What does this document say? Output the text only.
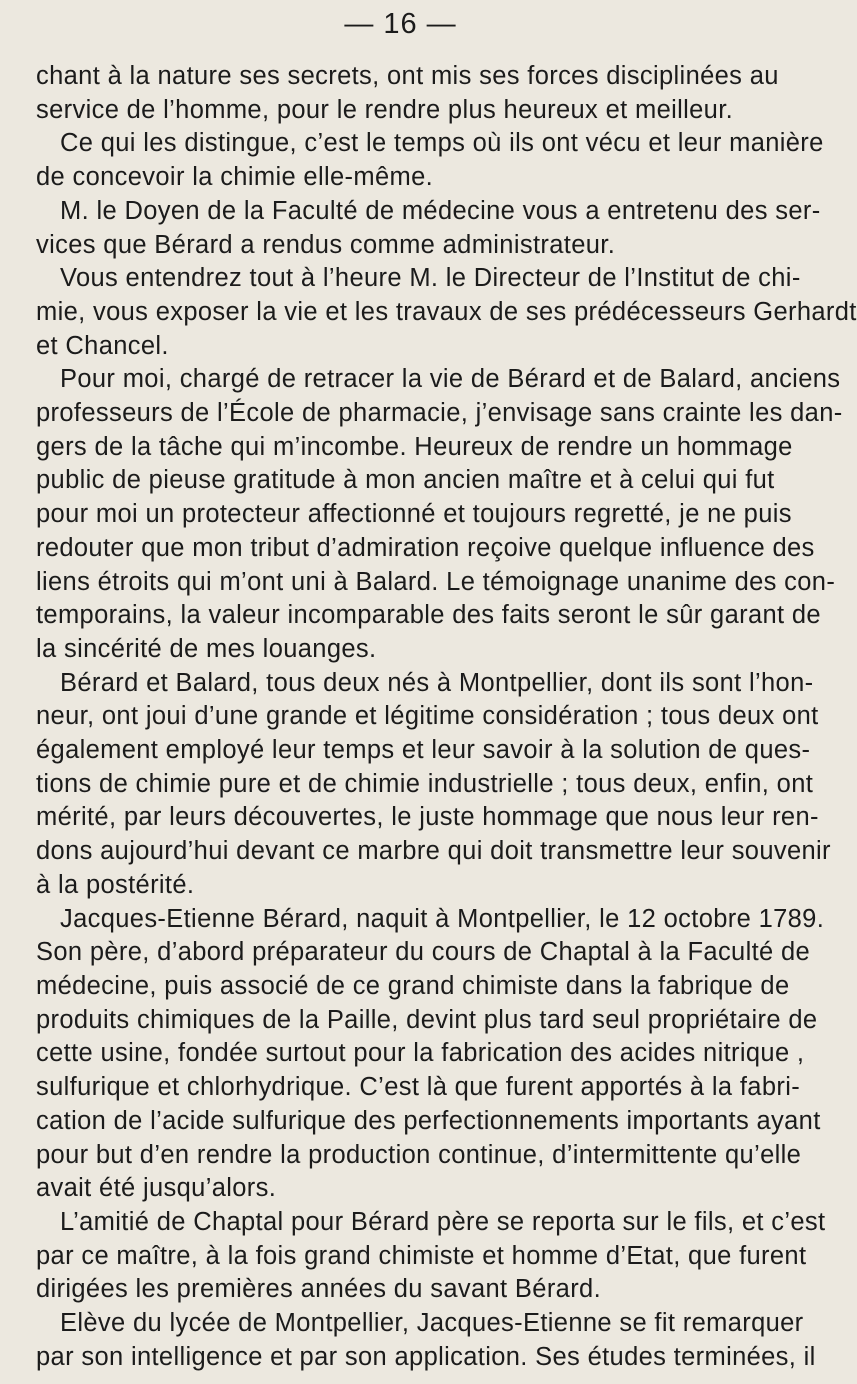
— 16 —
chant à la nature ses secrets, ont mis ses forces disciplinées au
service de l’homme, pour le rendre plus heureux et meilleur.
Ce qui les distingue, c’est le temps où ils ont vécu et leur manière
de concevoir la chimie elle-même.
M. le Doyen de la Faculté de médecine vous a entretenu des ser-
vices que Bérard a rendus comme administrateur.
Vous entendrez tout à l’heure M. le Directeur de l’Institut de chi-
mie, vous exposer la vie et les travaux de ses prédécesseurs Gerhardt
et Chancel.
Pour moi, chargé de retracer la vie de Bérard et de Balard, anciens
professeurs de l’École de pharmacie, j’envisage sans crainte les dan-
gers de la tâche qui m’incombe. Heureux de rendre un hommage
public de pieuse gratitude à mon ancien maître et à celui qui fut
pour moi un protecteur affectionné et toujours regretté, je ne puis
redouter que mon tribut d’admiration reçoive quelque influence des
liens étroits qui m’ont uni à Balard. Le témoignage unanime des con-
temporains, la valeur incomparable des faits seront le sûr garant de
la sincérité de mes louanges.
Bérard et Balard, tous deux nés à Montpellier, dont ils sont l’hon-
neur, ont joui d’une grande et légitime considération ; tous deux ont
également employé leur temps et leur savoir à la solution de ques-
tions de chimie pure et de chimie industrielle ; tous deux, enfin, ont
mérité, par leurs découvertes, le juste hommage que nous leur ren-
dons aujourd’hui devant ce marbre qui doit transmettre leur souvenir
à la postérité.
Jacques-Etienne Bérard, naquit à Montpellier, le 12 octobre 1789.
Son père, d’abord préparateur du cours de Chaptal à la Faculté de
médecine, puis associé de ce grand chimiste dans la fabrique de
produits chimiques de la Paille, devint plus tard seul propriétaire de
cette usine, fondée surtout pour la fabrication des acides nitrique ,
sulfurique et chlorhydrique. C’est là que furent apportés à la fabri-
cation de l’acide sulfurique des perfectionnements importants ayant
pour but d’en rendre la production continue, d’intermittente qu’elle
avait été jusqu’alors.
L’amitié de Chaptal pour Bérard père se reporta sur le fils, et c’est
par ce maître, à la fois grand chimiste et homme d’Etat, que furent
dirigées les premières années du savant Bérard.
Elève du lycée de Montpellier, Jacques-Etienne se fit remarquer
par son intelligence et par son application. Ses études terminées, il
